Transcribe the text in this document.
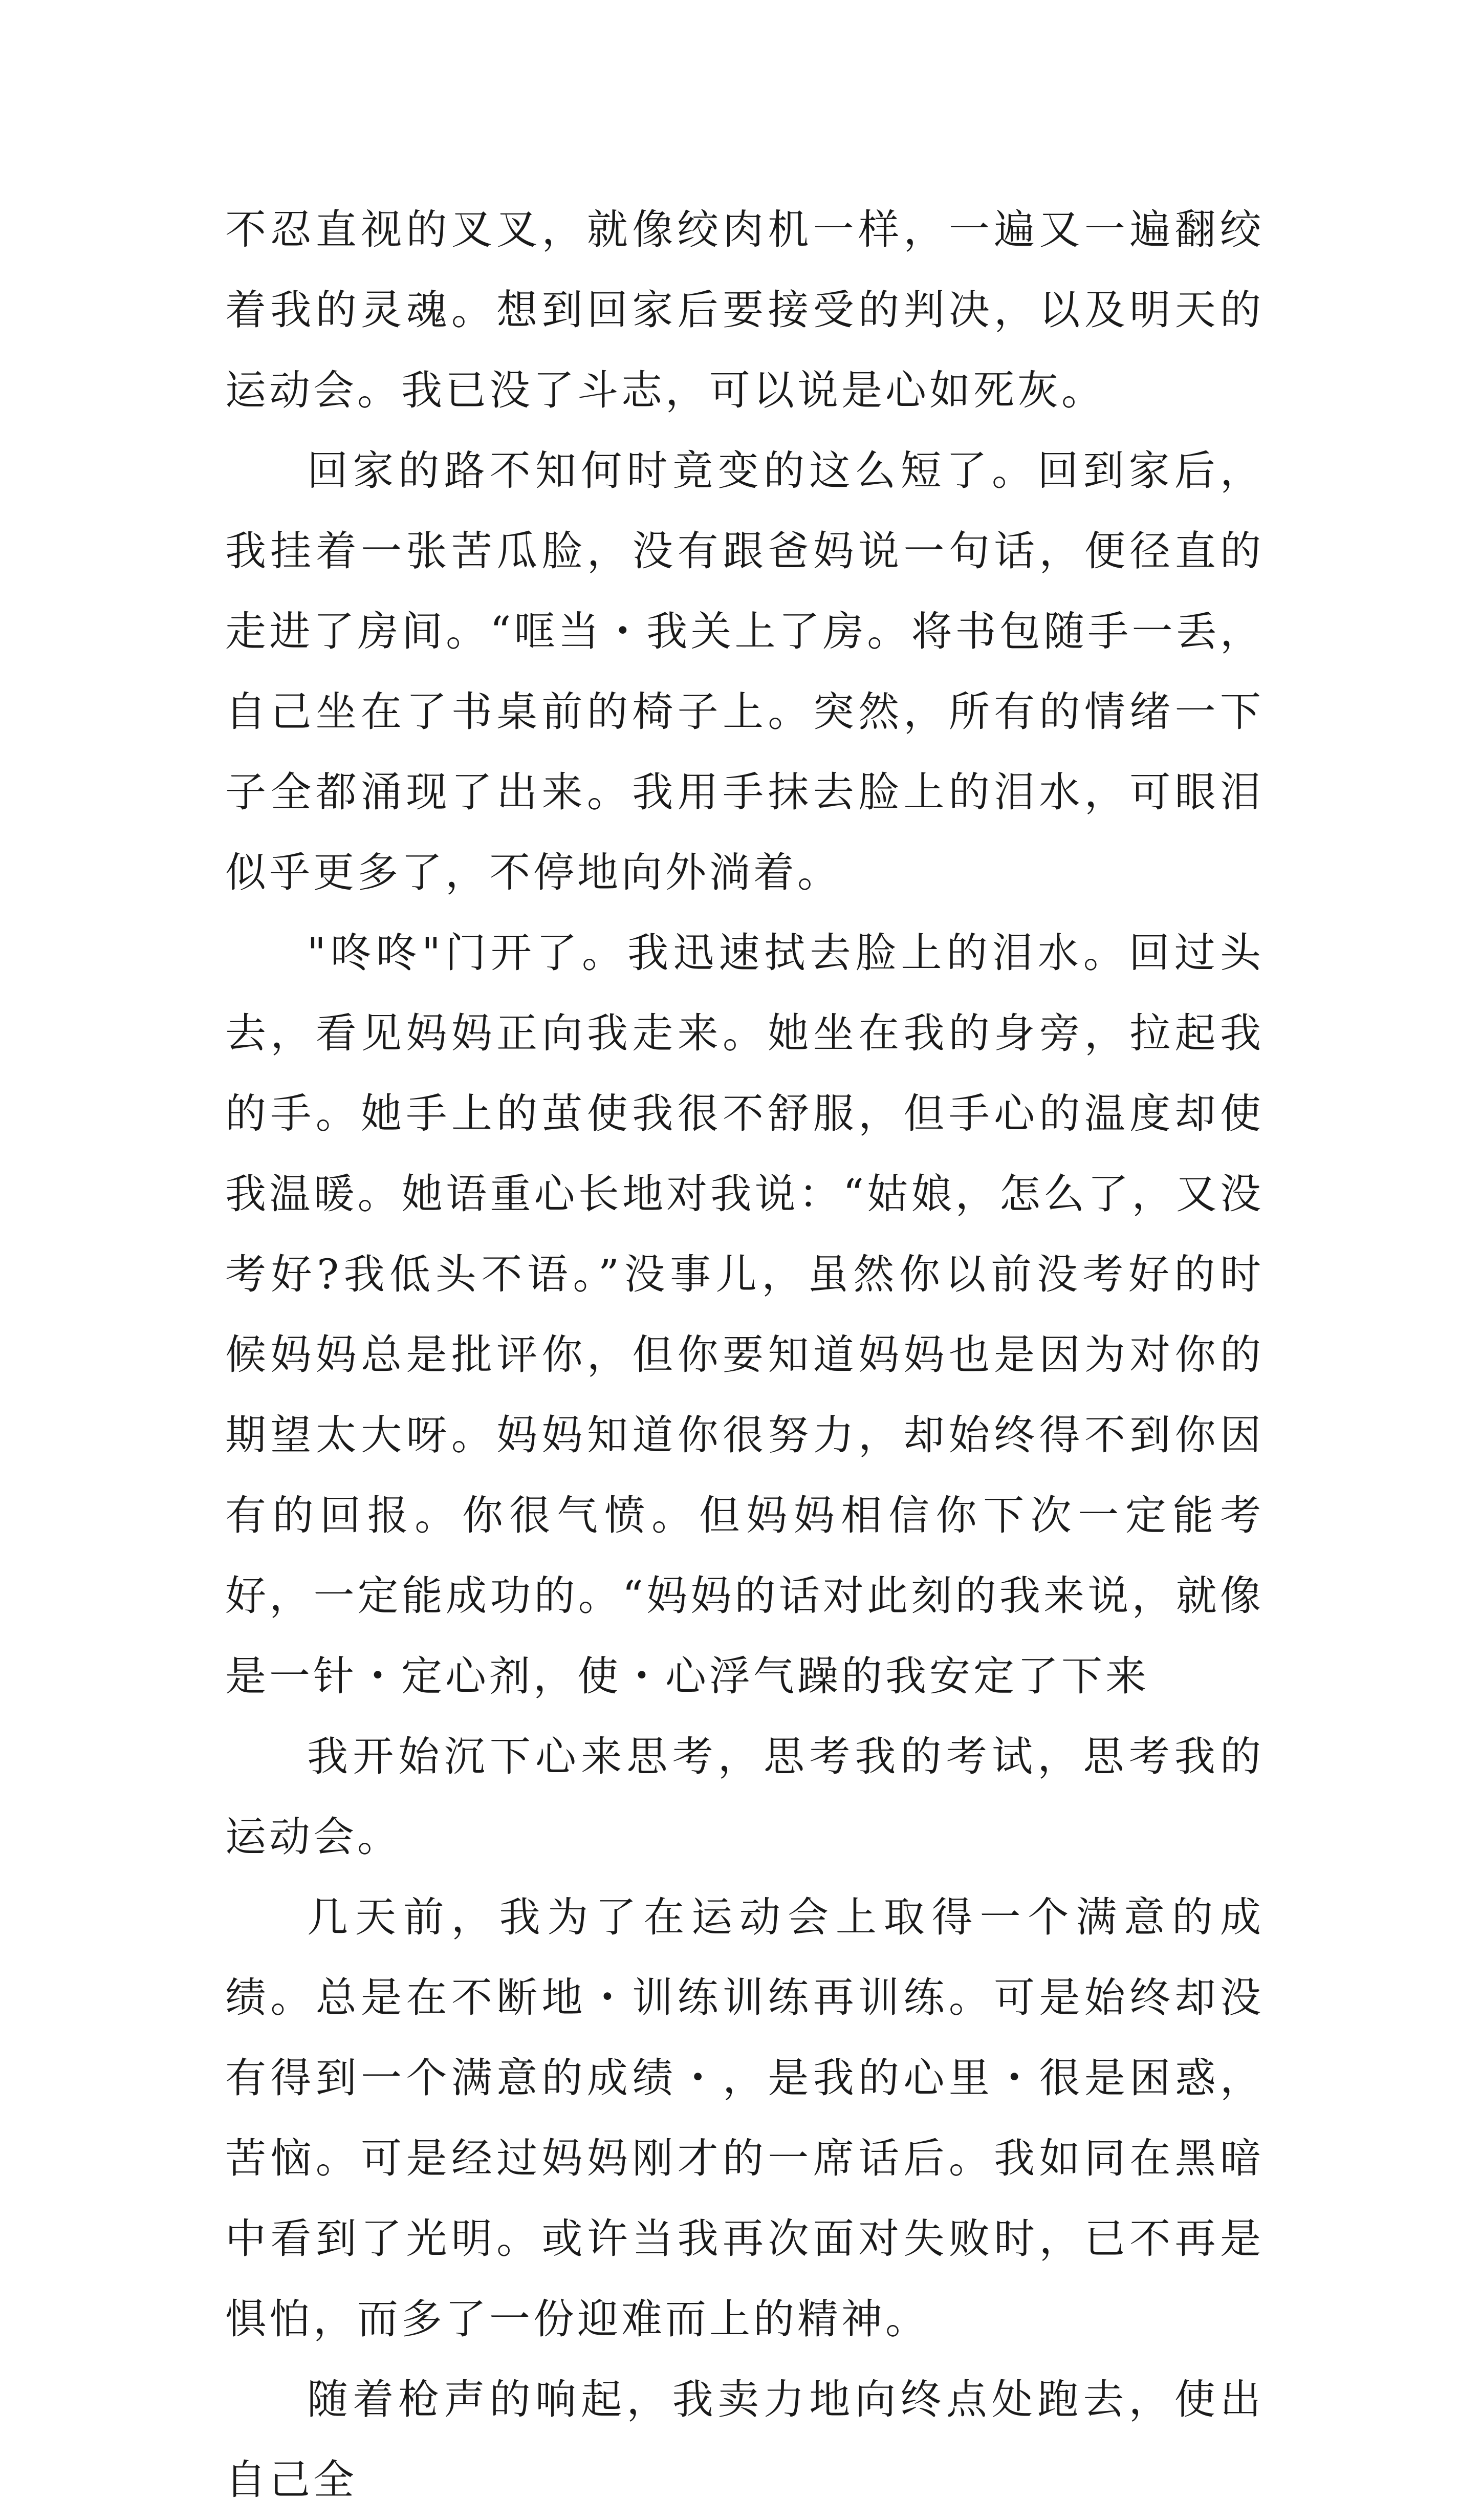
不忍直视的叉叉，就像绞肉机一样，一遍又一遍翻绞着我的灵魂。想到回家后要接受的判决，以及明天的运动会。我已没了斗志，可以说是心如死灰。

回家的路不知何时竟变的这么短了。回到家后，我挂着一张苦瓜脸，没有跟爸妈说一句话，便径直的走进了房间。“哐当・我关上了房。将书包随手一丢，自己坐在了书桌前的椅子上。突然，所有的情绪一下子全都涌现了出来。我用手抹去脸上的泪水，可眼泪似乎更多了，不停地向外淌着。

"咚咚"门开了。我迅速拭去脸上的泪水。回过头去，看见妈妈正向我走来。她坐在我的身旁，拉起我的手。她手上的茧使我很不舒服，但手心的温度却使我温暖。她语重心长地对我说：“姑娘，怎么了，又没考好?我低头不语。”没事儿，虽然你以前没考好的时候妈妈总是批评你，但你要知道妈妈也是因为对你的期望太大呀。妈妈知道你很努力，却始终得不到你因有的回报。你很气愤。但妈妈相信你下次一定能考好，一定能成功的。“妈妈的话对此刻的我来说，就像是一针・定心剂，使・心浮气躁的我安定了下来

我开始沉下心来思考，思考我的考试，思考我的运动会。

几天前，我为了在运动会上取得一个满意的成绩。总是在不断地・训练训练再训练。可是始终却没有得到一个满意的成绩・，是我的心里・很是困惑，苦恼。可是经过妈妈刚才的一席话后。我如同在黑暗中看到了光明。或许当我再次面对失败时，已不再是惧怕，而多了一份迎难而上的精神。

随着枪声的响起，我卖力地向终点处跑去，使出自己全
